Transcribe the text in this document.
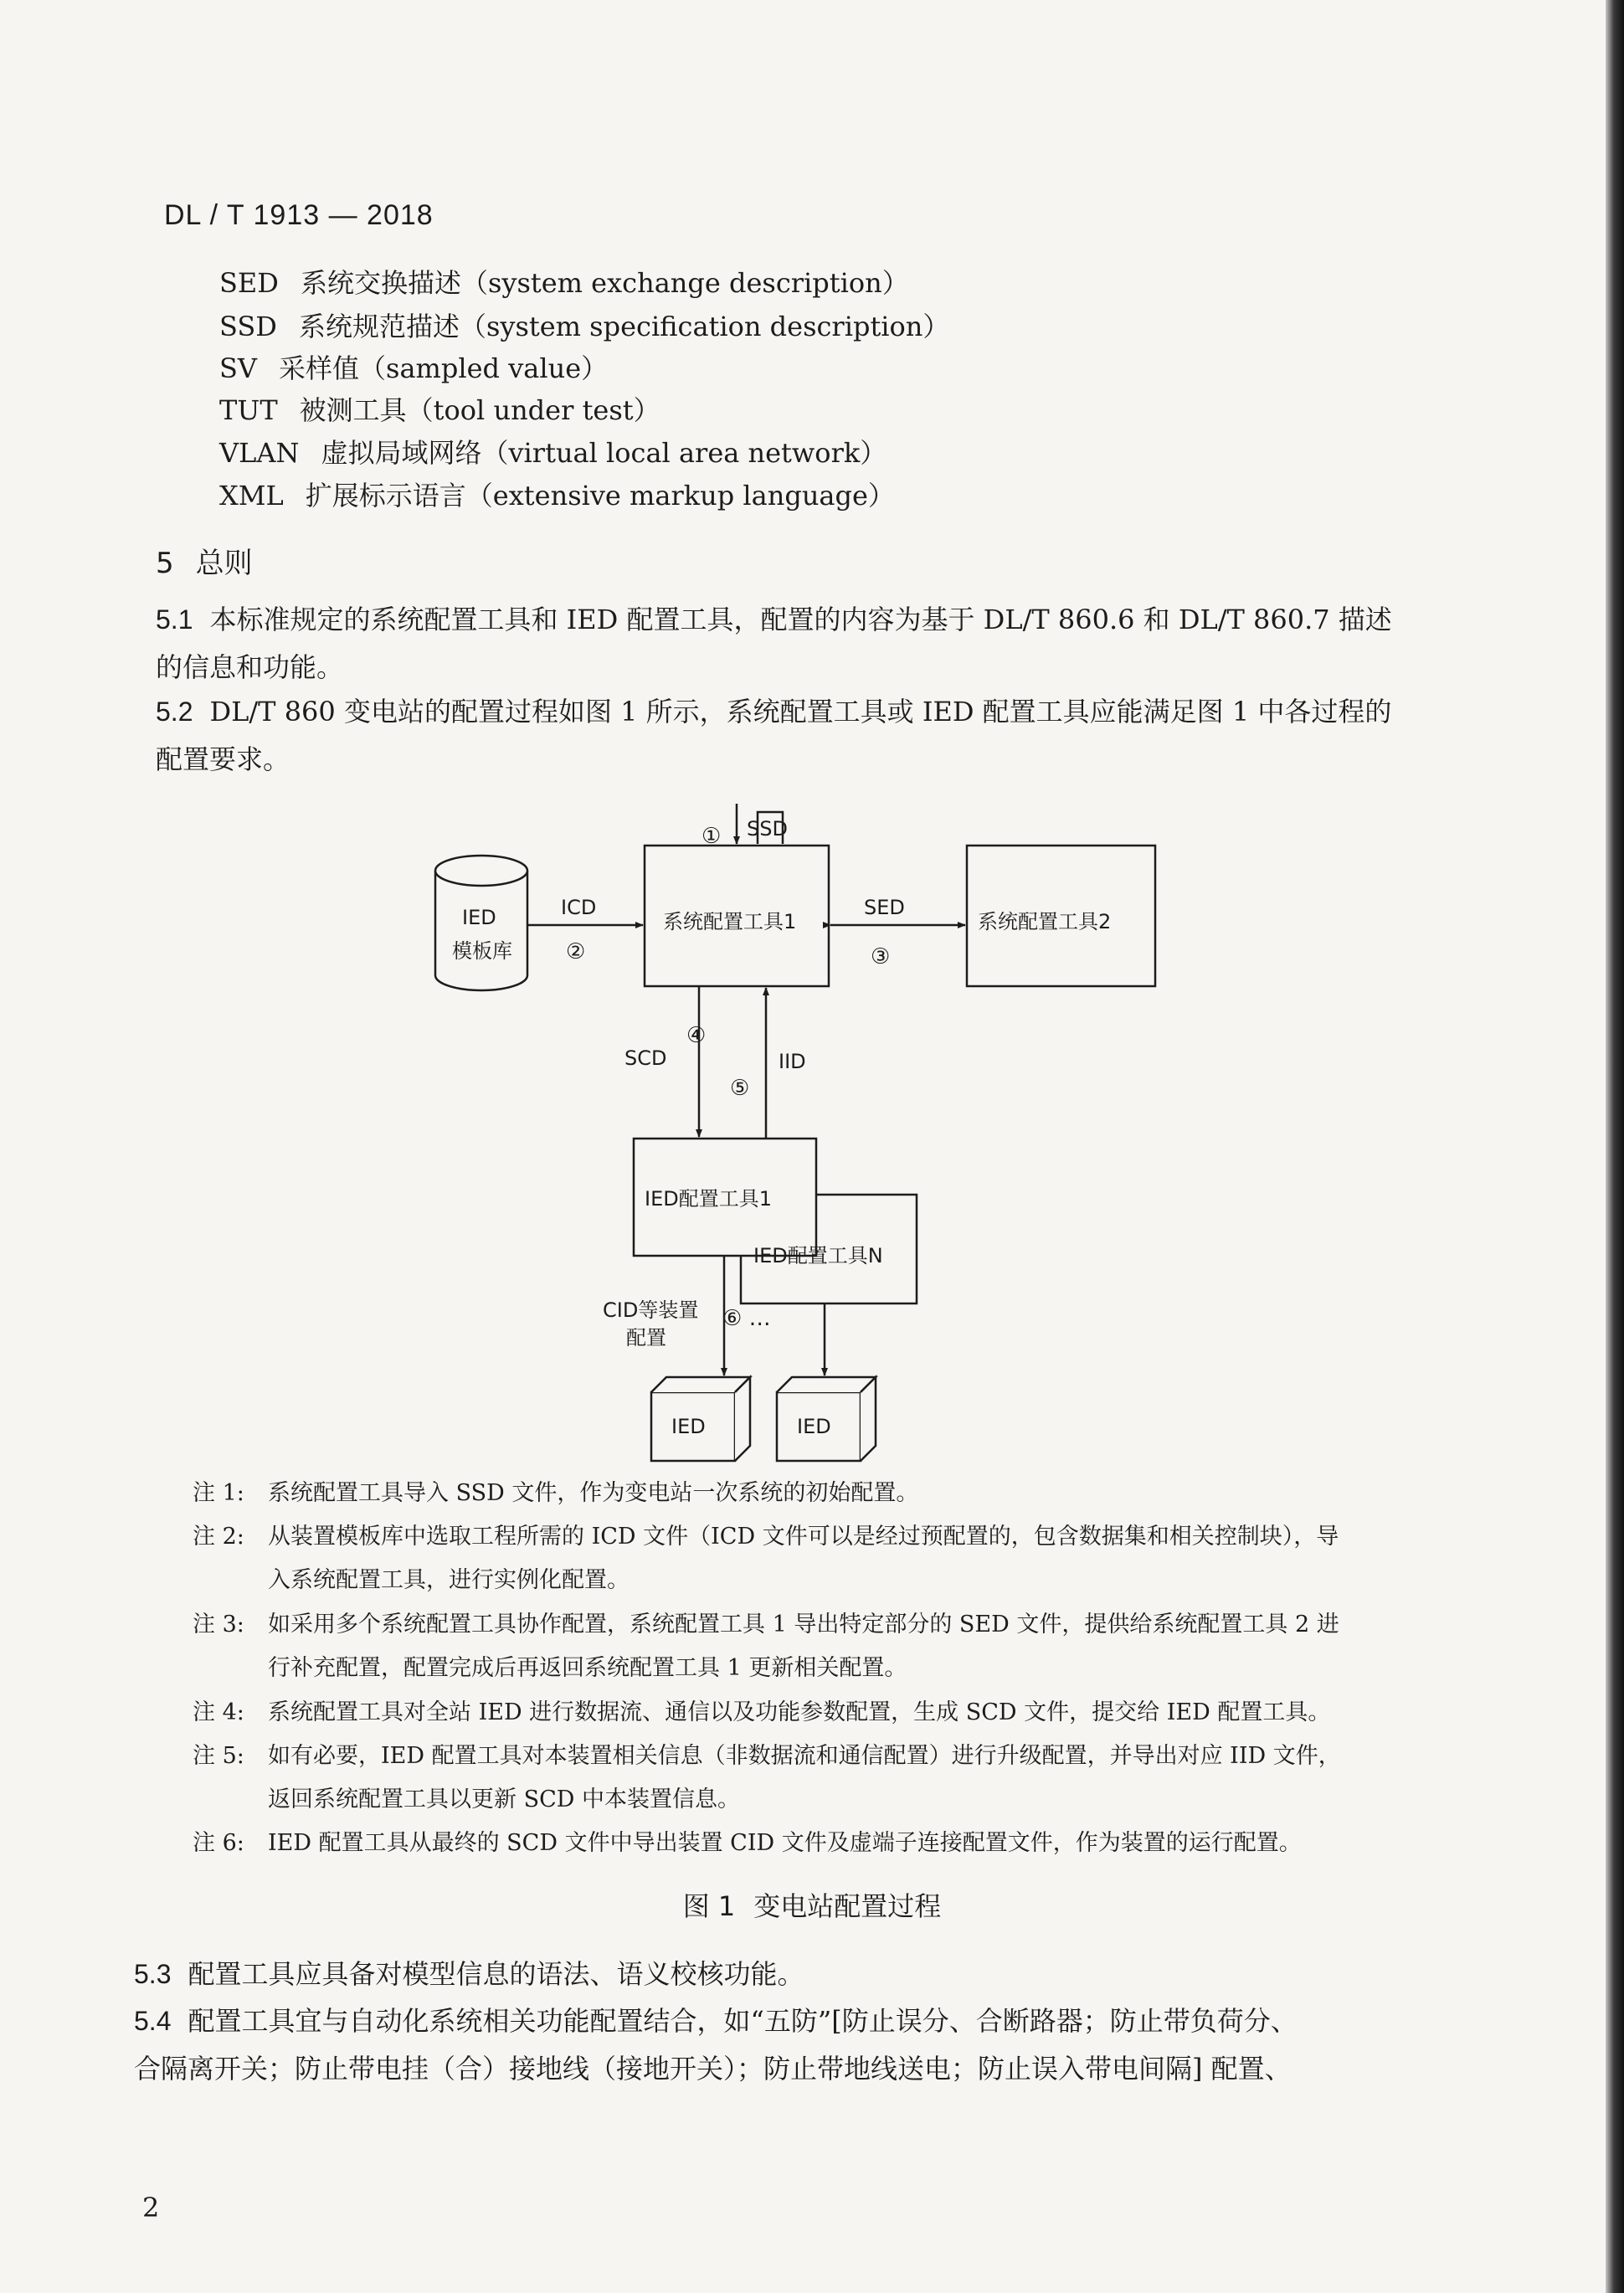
DL / T 1913 — 2018
SED 系统交换描述（system exchange description）
SSD 系统规范描述（system specification description）
SV 采样值（sampled value）
TUT 被测工具（tool under test）
VLAN 虚拟局域网络（virtual local area network）
XML 扩展标示语言（extensive markup language）
5 总则
5.1 本标准规定的系统配置工具和 IED 配置工具，配置的内容为基于 DL/T 860.6 和 DL/T 860.7 描述
的信息和功能。
5.2 DL/T 860 变电站的配置过程如图 1 所示，系统配置工具或 IED 配置工具应能满足图 1 中各过程的
配置要求。
IED
模板库
系统配置工具1	系统配置工具2
IED配置工具1
IED配置工具N
IED	IED
SSD
ICD	SED
SCD	IID
CID等装置
配置
①
②	③
④
⑤
⑥ …
注 1: 系统配置工具导入 SSD 文件，作为变电站一次系统的初始配置。
注 2: 从装置模板库中选取工程所需的 ICD 文件（ICD 文件可以是经过预配置的，包含数据集和相关控制块），导
入系统配置工具，进行实例化配置。
注 3: 如采用多个系统配置工具协作配置，系统配置工具 1 导出特定部分的 SED 文件，提供给系统配置工具 2 进
行补充配置，配置完成后再返回系统配置工具 1 更新相关配置。
注 4: 系统配置工具对全站 IED 进行数据流、通信以及功能参数配置，生成 SCD 文件，提交给 IED 配置工具。
注 5: 如有必要，IED 配置工具对本装置相关信息（非数据流和通信配置）进行升级配置，并导出对应 IID 文件，
返回系统配置工具以更新 SCD 中本装置信息。
注 6: IED 配置工具从最终的 SCD 文件中导出装置 CID 文件及虚端子连接配置文件，作为装置的运行配置。
图 1 变电站配置过程
5.3 配置工具应具备对模型信息的语法、语义校核功能。
5.4 配置工具宜与自动化系统相关功能配置结合，如“五防”[防止误分、合断路器；防止带负荷分、
合隔离开关；防止带电挂（合）接地线（接地开关）；防止带地线送电；防止误入带电间隔] 配置、
2
